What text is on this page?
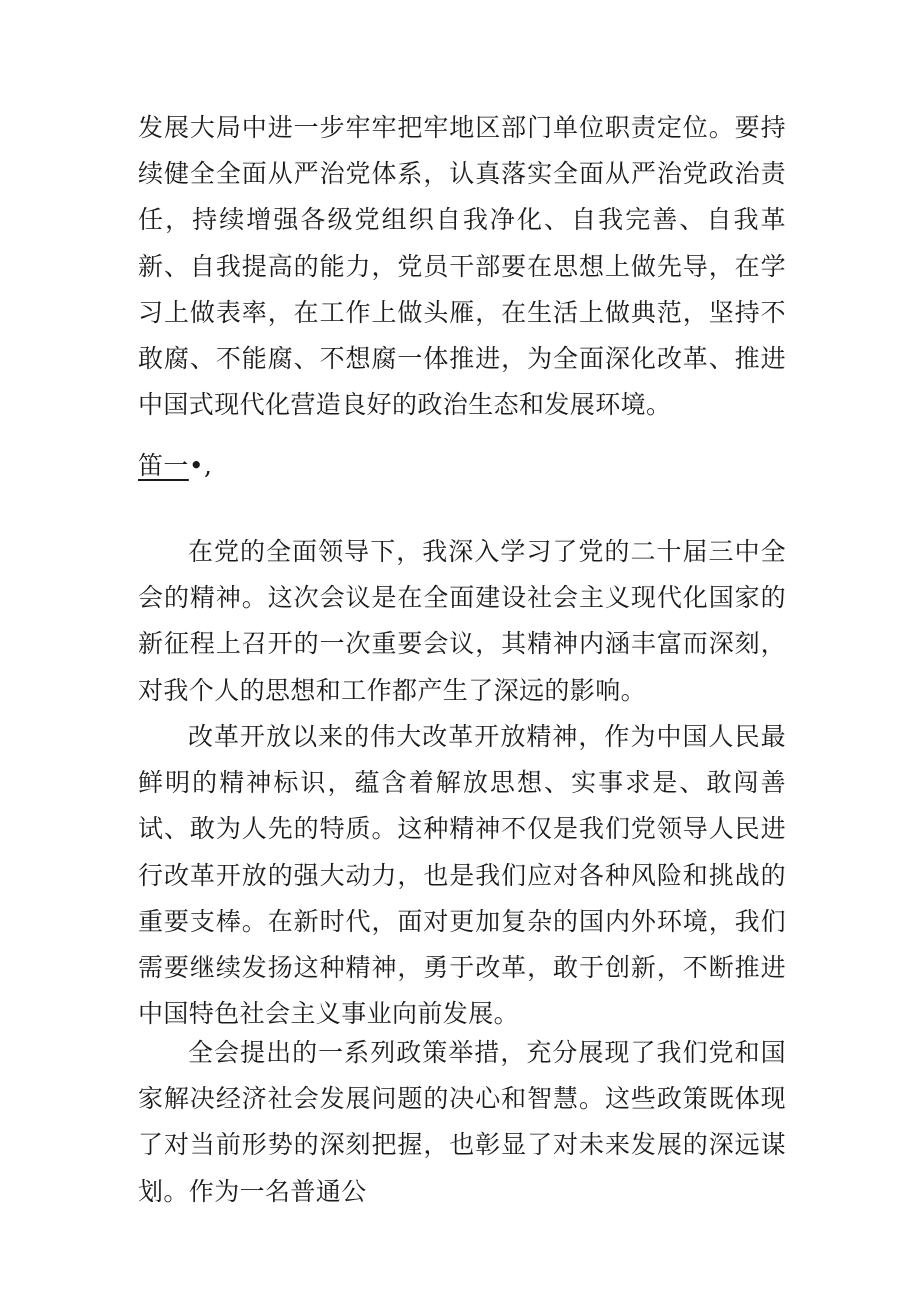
发展大局中进一步牢牢把牢地区部门单位职责定位。要持续健全全面从严治党体系，认真落实全面从严治党政治责任，持续增强各级党组织自我净化、自我完善、自我革新、自我提高的能力，党员干部要在思想上做先导，在学习上做表率，在工作上做头雁，在生活上做典范，坚持不敢腐、不能腐、不想腐一体推进，为全面深化改革、推进中国式现代化营造良好的政治生态和发展环境。

笛一•,

在党的全面领导下，我深入学习了党的二十届三中全会的精神。这次会议是在全面建设社会主义现代化国家的新征程上召开的一次重要会议，其精神内涵丰富而深刻，对我个人的思想和工作都产生了深远的影响。

改革开放以来的伟大改革开放精神，作为中国人民最鲜明的精神标识，蕴含着解放思想、实事求是、敢闯善试、敢为人先的特质。这种精神不仅是我们党领导人民进行改革开放的强大动力，也是我们应对各种风险和挑战的重要支棒。在新时代，面对更加复杂的国内外环境，我们需要继续发扬这种精神，勇于改革，敢于创新，不断推进中国特色社会主义事业向前发展。

全会提出的一系列政策举措，充分展现了我们党和国家解决经济社会发展问题的决心和智慧。这些政策既体现了对当前形势的深刻把握，也彰显了对未来发展的深远谋划。作为一名普通公
